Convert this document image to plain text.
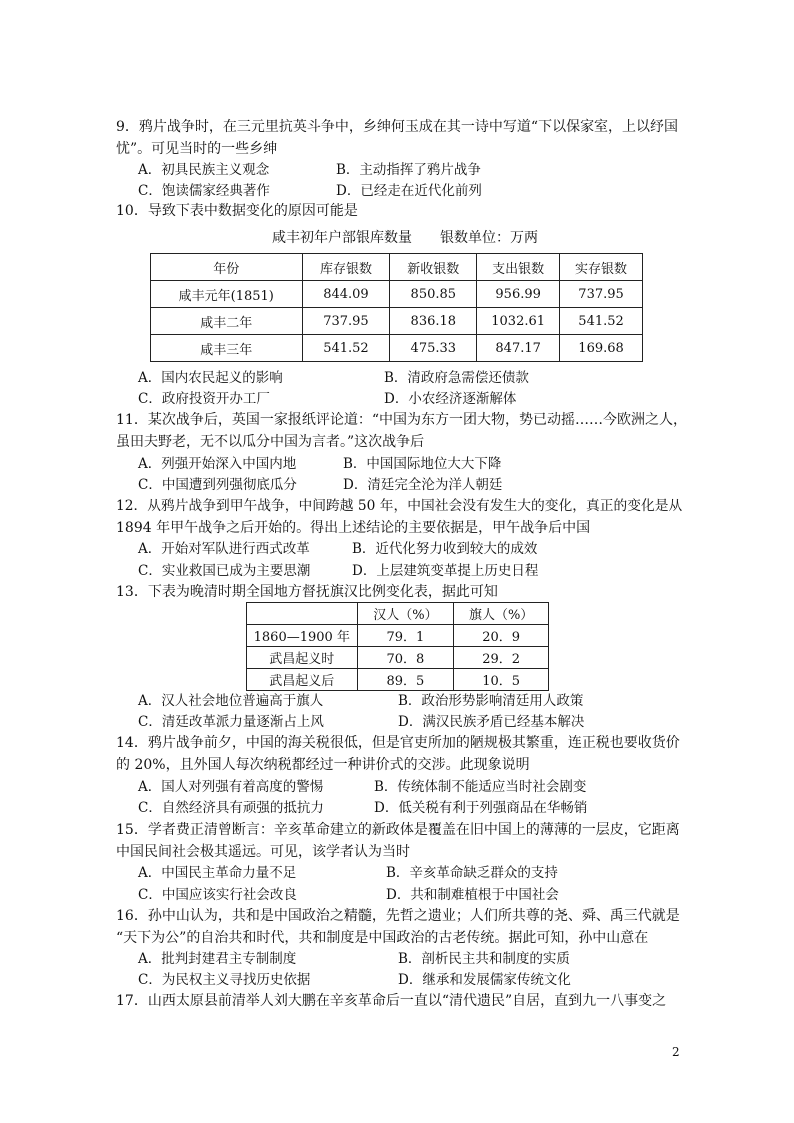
9．鸦片战争时，在三元里抗英斗争中，乡绅何玉成在其一诗中写道“下以保家室，上以纾国
忧”。可见当时的一些乡绅
A．初具民族主义观念	B．主动指挥了鸦片战争
C．饱读儒家经典著作	D．已经走在近代化前列
10．导致下表中数据变化的原因可能是
咸丰初年户部银库数量　　银数单位：万两
年份	库存银数	新收银数	支出银数	实存银数
咸丰元年(1851)	844.09	850.85	956.99	737.95
咸丰二年	737.95	836.18	1032.61	541.52
咸丰三年	541.52	475.33	847.17	169.68
A．国内农民起义的影响	B．清政府急需偿还债款
C．政府投资开办工厂	D．小农经济逐渐解体
11．某次战争后，英国一家报纸评论道：“中国为东方一团大物，势已动摇……今欧洲之人，
虽田夫野老，无不以瓜分中国为言者。”这次战争后
A．列强开始深入中国内地	B．中国国际地位大大下降
C．中国遭到列强彻底瓜分	D．清廷完全沦为洋人朝廷
12．从鸦片战争到甲午战争，中间跨越 50 年，中国社会没有发生大的变化，真正的变化是从
1894 年甲午战争之后开始的。得出上述结论的主要依据是，甲午战争后中国
A．开始对军队进行西式改革	B．近代化努力收到较大的成效
C．实业救国已成为主要思潮	D．上层建筑变革提上历史日程
13．下表为晚清时期全国地方督抚旗汉比例变化表，据此可知
	汉人（%）	旗人（%）
1860—1900 年	79．1	20．9
武昌起义时	70．8	29．2
武昌起义后	89．5	10．5
A．汉人社会地位普遍高于旗人	B．政治形势影响清廷用人政策
C．清廷改革派力量逐渐占上风	D．满汉民族矛盾已经基本解决
14．鸦片战争前夕，中国的海关税很低，但是官吏所加的陋规极其繁重，连正税也要收货价
的 20%，且外国人每次纳税都经过一种讲价式的交涉。此现象说明
A．国人对列强有着高度的警惕	B．传统体制不能适应当时社会剧变
C．自然经济具有顽强的抵抗力	D．低关税有利于列强商品在华畅销
15．学者费正清曾断言：辛亥革命建立的新政体是覆盖在旧中国上的薄薄的一层皮，它距离
中国民间社会极其遥远。可见，该学者认为当时
A．中国民主革命力量不足	B．辛亥革命缺乏群众的支持
C．中国应该实行社会改良	D．共和制难植根于中国社会
16．孙中山认为，共和是中国政治之精髓，先哲之遗业；人们所共尊的尧、舜、禹三代就是
“天下为公”的自治共和时代，共和制度是中国政治的古老传统。据此可知，孙中山意在
A．批判封建君主专制制度	B．剖析民主共和制度的实质
C．为民权主义寻找历史依据	D．继承和发展儒家传统文化
17．山西太原县前清举人刘大鹏在辛亥革命后一直以“清代遗民”自居，直到九一八事变之
2
